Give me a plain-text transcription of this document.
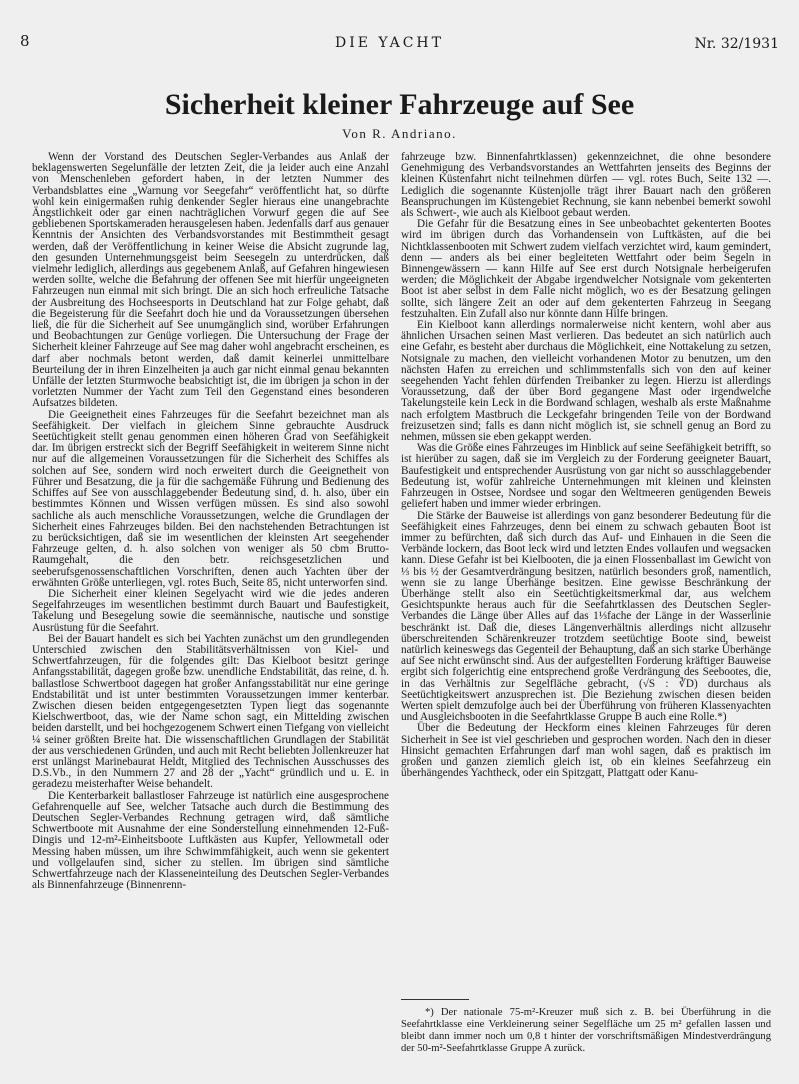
8	DIE YACHT	Nr. 32/1931
Sicherheit kleiner Fahrzeuge auf See
Von R. Andriano.

Wenn der Vorstand des Deutschen Segler-Verbandes aus Anlaß der beklagenswerten Segelunfälle der letzten Zeit, die ja leider auch eine Anzahl von Menschenleben gefordert haben, in der letzten Nummer des Verbandsblattes eine „Warnung vor Seegefahr“ veröffentlicht hat, so dürfte wohl kein einigermaßen ruhig denkender Segler hieraus eine unangebrachte Ängstlichkeit oder gar einen nachträglichen Vorwurf gegen die auf See gebliebenen Sportskameraden herausgelesen haben. Jedenfalls darf aus genauer Kenntnis der Ansichten des Verbandsvorstandes mit Bestimmtheit gesagt werden, daß der Veröffentlichung in keiner Weise die Absicht zugrunde lag, den gesunden Unternehmungsgeist beim Seesegeln zu unterdrücken, daß vielmehr lediglich, allerdings aus gegebenem Anlaß, auf Gefahren hingewiesen werden sollte, welche die Befahrung der offenen See mit hierfür ungeeigneten Fahrzeugen nun einmal mit sich bringt. Die an sich hoch erfreuliche Tatsache der Ausbreitung des Hochseesports in Deutschland hat zur Folge gehabt, daß die Begeisterung für die Seefahrt doch hie und da Voraussetzungen übersehen ließ, die für die Sicherheit auf See unumgänglich sind, worüber Erfahrungen und Beobachtungen zur Genüge vorliegen. Die Untersuchung der Frage der Sicherheit kleiner Fahrzeuge auf See mag daher wohl angebracht erscheinen, es darf aber nochmals betont werden, daß damit keinerlei unmittelbare Beurteilung der in ihren Einzelheiten ja auch gar nicht einmal genau bekannten Unfälle der letzten Sturmwoche beabsichtigt ist, die im übrigen ja schon in der vorletzten Nummer der Yacht zum Teil den Gegenstand eines besonderen Aufsatzes bildeten.

Die Geeignetheit eines Fahrzeuges für die Seefahrt bezeichnet man als Seefähigkeit. Der vielfach in gleichem Sinne gebrauchte Ausdruck Seetüchtigkeit stellt genau genommen einen höheren Grad von Seefähigkeit dar. Im übrigen erstreckt sich der Begriff Seefähigkeit in weiterem Sinne nicht nur auf die allgemeinen Voraussetzungen für die Sicherheit des Schiffes als solchen auf See, sondern wird noch erweitert durch die Geeignetheit von Führer und Besatzung, die ja für die sachgemäße Führung und Bedienung des Schiffes auf See von ausschlaggebender Bedeutung sind, d. h. also, über ein bestimmtes Können und Wissen verfügen müssen. Es sind also sowohl sachliche als auch menschliche Voraussetzungen, welche die Grundlagen der Sicherheit eines Fahrzeuges bilden. Bei den nachstehenden Betrachtungen ist zu berücksichtigen, daß sie im wesentlichen der kleinsten Art seegehender Fahrzeuge gelten, d. h. also solchen von weniger als 50 cbm Brutto-Raumgehalt, die den betr. reichsgesetzlichen und seeberufsgenossenschaftlichen Vorschriften, denen auch Yachten über der erwähnten Größe unterliegen, vgl. rotes Buch, Seite 85, nicht unterworfen sind.

Die Sicherheit einer kleinen Segelyacht wird wie die jedes anderen Segelfahrzeuges im wesentlichen bestimmt durch Bauart und Baufestigkeit, Takelung und Besegelung sowie die seemännische, nautische und sonstige Ausrüstung für die Seefahrt.

Bei der Bauart handelt es sich bei Yachten zunächst um den grundlegenden Unterschied zwischen den Stabilitätsverhältnissen von Kiel- und Schwertfahrzeugen, für die folgendes gilt: Das Kielboot besitzt geringe Anfangsstabilität, dagegen große bzw. unendliche Endstabilität, das reine, d. h. ballastlose Schwertboot dagegen hat großer Anfangsstabilität nur eine geringe Endstabilität und ist unter bestimmten Voraussetzungen immer kenterbar. Zwischen diesen beiden entgegengesetzten Typen liegt das sogenannte Kielschwertboot, das, wie der Name schon sagt, ein Mittelding zwischen beiden darstellt, und bei hochgezogenem Schwert einen Tiefgang von vielleicht ¼ seiner größten Breite hat. Die wissenschaftlichen Grundlagen der Stabilität der aus verschiedenen Gründen, und auch mit Recht beliebten Jollenkreuzer hat erst unlängst Marinebaurat Heldt, Mitglied des Technischen Ausschusses des D.S.Vb., in den Nummern 27 and 28 der „Yacht“ gründlich und u. E. in geradezu meisterhafter Weise behandelt.

Die Kenterbarkeit ballastloser Fahrzeuge ist natürlich eine ausgesprochene Gefahrenquelle auf See, welcher Tatsache auch durch die Bestimmung des Deutschen Segler-Verbandes Rechnung getragen wird, daß sämtliche Schwertboote mit Ausnahme der eine Sonderstellung einnehmenden 12-Fuß-Dingis und 12-m²-Einheitsboote Luftkästen aus Kupfer, Yellowmetall oder Messing haben müssen, um ihre Schwimmfähigkeit, auch wenn sie gekentert und vollgelaufen sind, sicher zu stellen. Im übrigen sind sämtliche Schwertfahrzeuge nach der Klasseneinteilung des Deutschen Segler-Verbandes als Binnenfahrzeuge (Binnenrenn-

fahrzeuge bzw. Binnenfahrtklassen) gekennzeichnet, die ohne besondere Genehmigung des Verbandsvorstandes an Wettfahrten jenseits des Beginns der kleinen Küstenfahrt nicht teilnehmen dürfen — vgl. rotes Buch, Seite 132 —. Lediglich die sogenannte Küstenjolle trägt ihrer Bauart nach den größeren Beanspruchungen im Küstengebiet Rechnung, sie kann nebenbei bemerkt sowohl als Schwert-, wie auch als Kielboot gebaut werden.

Die Gefahr für die Besatzung eines in See unbeobachtet gekenterten Bootes wird im übrigen durch das Vorhandensein von Luftkästen, auf die bei Nichtklassenbooten mit Schwert zudem vielfach verzichtet wird, kaum gemindert, denn — anders als bei einer begleiteten Wettfahrt oder beim Segeln in Binnengewässern — kann Hilfe auf See erst durch Notsignale herbeigerufen werden; die Möglichkeit der Abgabe irgendwelcher Notsignale vom gekenterten Boot ist aber selbst in dem Falle nicht möglich, wo es der Besatzung gelingen sollte, sich längere Zeit an oder auf dem gekenterten Fahrzeug in Seegang festzuhalten. Ein Zufall also nur könnte dann Hilfe bringen.

Ein Kielboot kann allerdings normalerweise nicht kentern, wohl aber aus ähnlichen Ursachen seinen Mast verlieren. Das bedeutet an sich natürlich auch eine Gefahr, es besteht aber durchaus die Möglichkeit, eine Nottakelung zu setzen, Notsignale zu machen, den vielleicht vorhandenen Motor zu benutzen, um den nächsten Hafen zu erreichen und schlimmstenfalls sich von den auf keiner seegehenden Yacht fehlen dürfenden Treibanker zu legen. Hierzu ist allerdings Voraussetzung, daß der über Bord gegangene Mast oder irgendwelche Takelungsteile kein Leck in die Bordwand schlagen, weshalb als erste Maßnahme nach erfolgtem Mastbruch die Leckgefahr bringenden Teile von der Bordwand freizusetzen sind; falls es dann nicht möglich ist, sie schnell genug an Bord zu nehmen, müssen sie eben gekappt werden.

Was die Größe eines Fahrzeuges im Hinblick auf seine Seefähigkeit betrifft, so ist hierüber zu sagen, daß sie im Vergleich zu der Forderung geeigneter Bauart, Baufestigkeit und entsprechender Ausrüstung von gar nicht so ausschlaggebender Bedeutung ist, wofür zahlreiche Unternehmungen mit kleinen und kleinsten Fahrzeugen in Ostsee, Nordsee und sogar den Weltmeeren genügenden Beweis geliefert haben und immer wieder erbringen.

Die Stärke der Bauweise ist allerdings von ganz besonderer Bedeutung für die Seefähigkeit eines Fahrzeuges, denn bei einem zu schwach gebauten Boot ist immer zu befürchten, daß sich durch das Auf- und Einhauen in die Seen die Verbände lockern, das Boot leck wird und letzten Endes vollaufen und wegsacken kann. Diese Gefahr ist bei Kielbooten, die ja einen Flossenballast im Gewicht von ⅓ bis ½ der Gesamtverdrängung besitzen, natürlich besonders groß, namentlich, wenn sie zu lange Überhänge besitzen. Eine gewisse Beschränkung der Überhänge stellt also ein Seetüchtigkeitsmerkmal dar, aus welchem Gesichtspunkte heraus auch für die Seefahrtklassen des Deutschen Segler-Verbandes die Länge über Alles auf das 1⅓fache der Länge in der Wasserlinie beschränkt ist. Daß die, dieses Längenverhältnis allerdings nicht allzusehr überschreitenden Schärenkreuzer trotzdem seetüchtige Boote sind, beweist natürlich keineswegs das Gegenteil der Behauptung, daß an sich starke Überhänge auf See nicht erwünscht sind. Aus der aufgestellten Forderung kräftiger Bauweise ergibt sich folgerichtig eine entsprechend große Verdrängung des Seebootes, die, in das Verhältnis zur Segelfläche gebracht, (√S : ∛D) durchaus als Seetüchtigkeitswert anzusprechen ist. Die Beziehung zwischen diesen beiden Werten spielt demzufolge auch bei der Überführung von früheren Klassenyachten und Ausgleichsbooten in die Seefahrtklasse Gruppe B auch eine Rolle.*)

Über die Bedeutung der Heckform eines kleinen Fahrzeuges für deren Sicherheit in See ist viel geschrieben und gesprochen worden. Nach den in dieser Hinsicht gemachten Erfahrungen darf man wohl sagen, daß es praktisch im großen und ganzen ziemlich gleich ist, ob ein kleines Seefahrzeug ein überhängendes Yachtheck, oder ein Spitzgatt, Plattgatt oder Kanu-

*) Der nationale 75-m²-Kreuzer muß sich z. B. bei Überführung in die Seefahrtklasse eine Verkleinerung seiner Segelfläche um 25 m² gefallen lassen und bleibt dann immer noch um 0,8 t hinter der vorschriftsmäßigen Mindestverdrängung der 50-m²-Seefahrtklasse Gruppe A zurück.
